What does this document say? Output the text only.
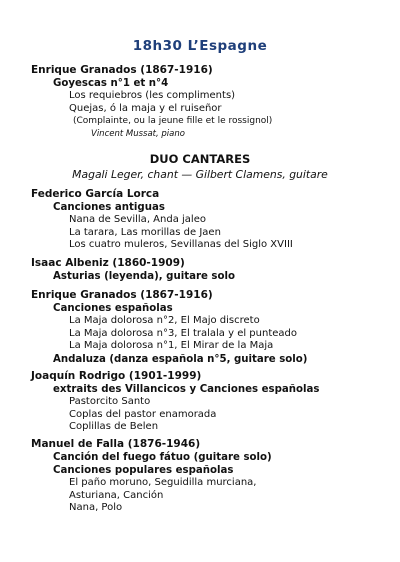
18h30 L’Espagne
Enrique Granados (1867-1916)
Goyescas n°1 et n°4
Los requiebros (les compliments)
Quejas, ó la maja y el ruiseñor
(Complainte, ou la jeune fille et le rossignol)
Vincent Mussat, piano
DUO CANTARES
Magali Leger, chant — Gilbert Clamens, guitare
Federico García Lorca
Canciones antiguas
Nana de Sevilla, Anda jaleo
La tarara, Las morillas de Jaen
Los cuatro muleros, Sevillanas del Siglo XVIII
Isaac Albeniz (1860-1909)
Asturias (leyenda), guitare solo
Enrique Granados (1867-1916)
Canciones españolas
La Maja dolorosa n°2, El Majo discreto
La Maja dolorosa n°3, El tralala y el punteado
La Maja dolorosa n°1, El Mirar de la Maja
Andaluza (danza española n°5, guitare solo)
Joaquín Rodrigo (1901-1999)
extraits des Villancicos y Canciones españolas
Pastorcito Santo
Coplas del pastor enamorada
Coplillas de Belen
Manuel de Falla (1876-1946)
Canción del fuego fátuo (guitare solo)
Canciones populares españolas
El paño moruno, Seguidilla murciana,
Asturiana, Canción
Nana, Polo
